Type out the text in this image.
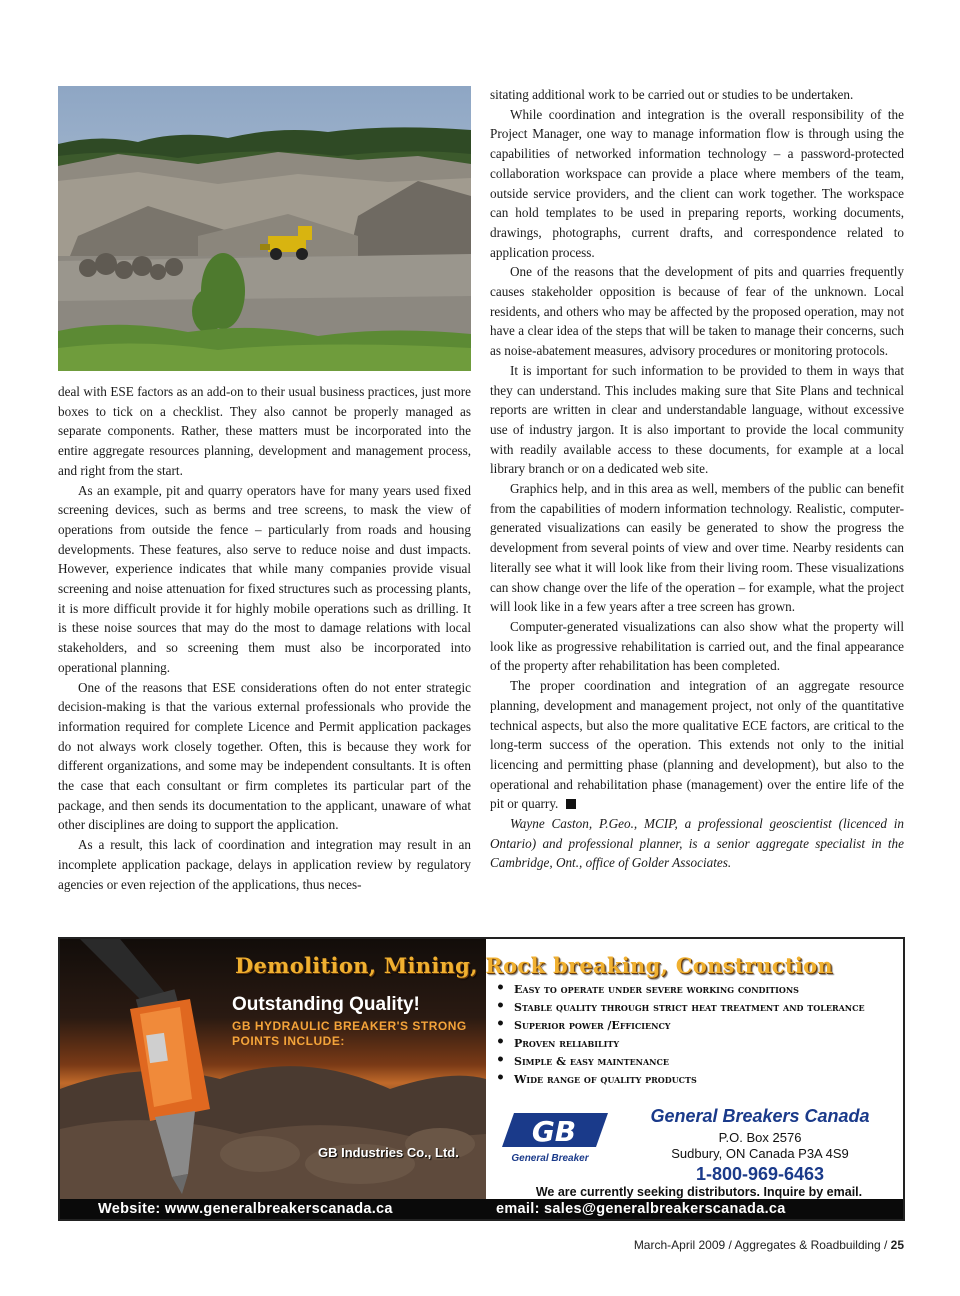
deal with ESE factors as an add-on to their usual business practices, just more boxes to tick on a checklist. They also cannot be properly managed as separate components. Rather, these matters must be incorporated into the entire aggregate resources planning, development and management process, and right from the start.

As an example, pit and quarry operators have for many years used fixed screening devices, such as berms and tree screens, to mask the view of operations from outside the fence – particularly from roads and housing developments. These features, also serve to reduce noise and dust impacts. However, experience indicates that while many companies provide visual screening and noise attenuation for fixed structures such as processing plants, it is more difficult provide it for highly mobile operations such as drilling. It is these noise sources that may do the most to damage relations with local stakeholders, and so screening them must also be incorporated into operational planning.

One of the reasons that ESE considerations often do not enter strategic decision-making is that the various external professionals who provide the information required for complete Licence and Permit application packages do not always work closely together. Often, this is because they work for different organizations, and some may be independent consultants. It is often the case that each consultant or firm completes its particular part of the package, and then sends its documentation to the applicant, unaware of what other disciplines are doing to support the application.

As a result, this lack of coordination and integration may result in an incomplete application package, delays in application review by regulatory agencies or even rejection of the applications, thus neces-

sitating additional work to be carried out or studies to be undertaken.

While coordination and integration is the overall responsibility of the Project Manager, one way to manage information flow is through using the capabilities of networked information technology – a password-protected collaboration workspace can provide a place where members of the team, outside service providers, and the client can work together. The workspace can hold templates to be used in preparing reports, working documents, drawings, photographs, current drafts, and correspondence related to application process.

One of the reasons that the development of pits and quarries frequently causes stakeholder opposition is because of fear of the unknown. Local residents, and others who may be affected by the proposed operation, may not have a clear idea of the steps that will be taken to manage their concerns, such as noise-abatement measures, advisory procedures or monitoring protocols.

It is important for such information to be provided to them in ways that they can understand. This includes making sure that Site Plans and technical reports are written in clear and understandable language, without excessive use of industry jargon. It is also important to provide the local community with readily available access to these documents, for example at a local library branch or on a dedicated web site.

Graphics help, and in this area as well, members of the public can benefit from the capabilities of modern information technology. Realistic, computer-generated visualizations can easily be generated to show the progress the development from several points of view and over time. Nearby residents can literally see what it will look like from their living room. These visualizations can show change over the life of the operation – for example, what the project will look like in a few years after a tree screen has grown.

Computer-generated visualizations can also show what the property will look like as progressive rehabilitation is carried out, and the final appearance of the property after rehabilitation has been completed.

The proper coordination and integration of an aggregate resource planning, development and management project, not only of the quantitative technical aspects, but also the more qualitative ECE factors, are critical to the long-term success of the operation. This extends not only to the initial licencing and permitting phase (planning and development), but also to the operational and rehabilitation phase (management) over the entire life of the pit or quarry.

Wayne Caston, P.Geo., MCIP, a professional geoscientist (licenced in Ontario) and professional planner, is a senior aggregate specialist in the Cambridge, Ont., office of Golder Associates.

Demolition, Mining, Rock breaking, Construction
Outstanding Quality!
GB HYDRAULIC BREAKER'S STRONG POINTS INCLUDE:
GB Industries Co., Ltd.
• Easy to operate under severe working conditions
• Stable quality through strict heat treatment and tolerance
• Superior power /Efficiency
• Proven reliability
• Simple & easy maintenance
• Wide range of quality products
GB
General Breaker
General Breakers Canada
P.O. Box 2576
Sudbury, ON Canada P3A 4S9
1-800-969-6463
We are currently seeking distributors. Inquire by email.
Website: www.generalbreakerscanada.ca	email: sales@generalbreakerscanada.ca
March-April 2009 / Aggregates & Roadbuilding / 25
